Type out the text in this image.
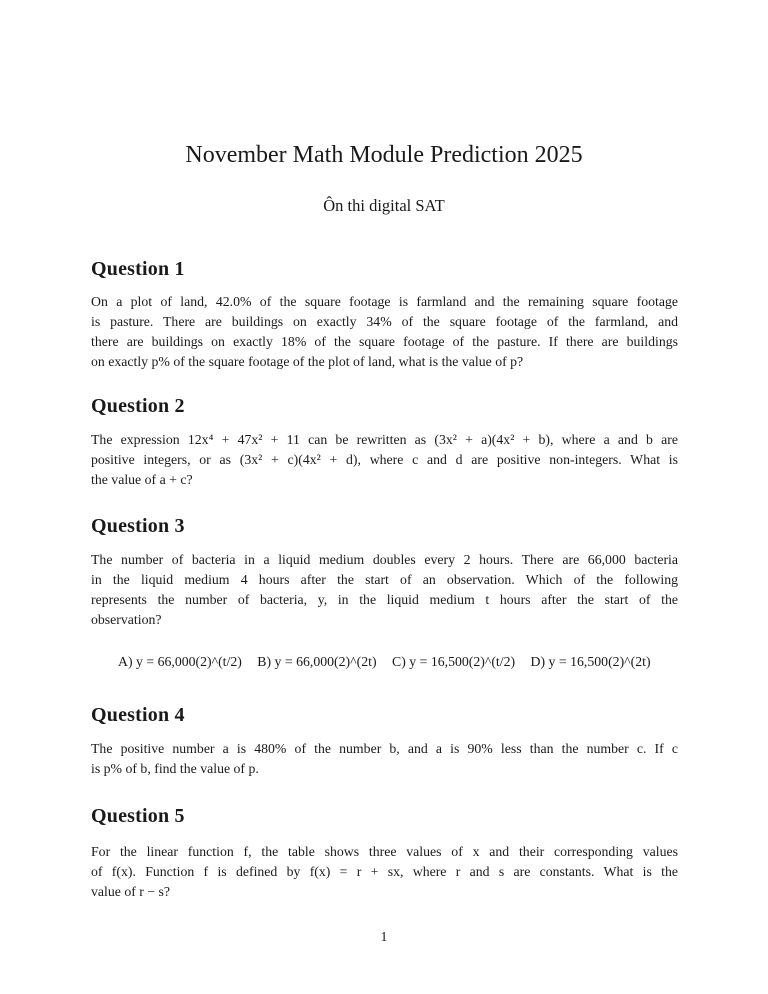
November Math Module Prediction 2025
Ôn thi digital SAT
Question 1
On a plot of land, 42.0% of the square footage is farmland and the remaining square footage
is pasture. There are buildings on exactly 34% of the square footage of the farmland, and
there are buildings on exactly 18% of the square footage of the pasture. If there are buildings
on exactly p% of the square footage of the plot of land, what is the value of p?
Question 2
The expression 12x⁴ + 47x² + 11 can be rewritten as (3x² + a)(4x² + b), where a and b are
positive integers, or as (3x² + c)(4x² + d), where c and d are positive non-integers. What is
the value of a + c?
Question 3
The number of bacteria in a liquid medium doubles every 2 hours. There are 66,000 bacteria
in the liquid medium 4 hours after the start of an observation. Which of the following
represents the number of bacteria, y, in the liquid medium t hours after the start of the
observation?
A) y = 66,000(2)^(t/2) B) y = 66,000(2)^(2t) C) y = 16,500(2)^(t/2) D) y = 16,500(2)^(2t)
Question 4
The positive number a is 480% of the number b, and a is 90% less than the number c. If c
is p% of b, find the value of p.
Question 5
For the linear function f, the table shows three values of x and their corresponding values
of f(x). Function f is defined by f(x) = r + sx, where r and s are constants. What is the
value of r − s?
1
